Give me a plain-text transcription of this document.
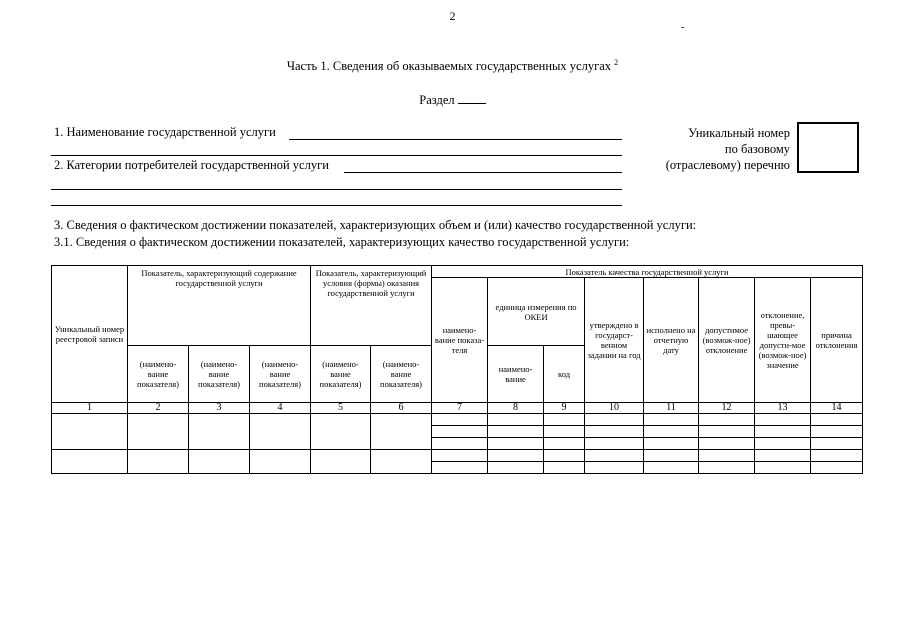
2
-
Часть 1. Сведения об оказываемых государственных услугах $^2$
Раздел
1. Наименование государственной услуги
2. Категории потребителей государственной услуги
Уникальный номер
по базовому
(отраслевому) перечню
3. Сведения о фактическом достижении показателей, характеризующих объем и (или) качество государственной услуги:
3.1. Сведения о фактическом достижении показателей, характеризующих качество государственной услуги:
Уникальный номер реестровой записи	Показатель, характеризующий содержание государственной услуги			Показатель, характеризующий условия (формы) оказания государственной услуги		Показатель качества государственной услуги							
						наимено-вание показа-теля	единица измерения по ОКЕИ		утверждено в государст-венном задании на год	исполнено на отчетную дату	допустимое (возмож-ное) отклонение	отклонение, превы-шающее допусти-мое (возмож-ное) значение	причина отклонения
	(наимено-вание показателя)	(наимено-вание показателя)	(наимено-вание показателя)	(наимено-вание показателя)	(наимено-вание показателя)		наимено-вание	код					
1	2	3	4	5	6	7	8	9	10	11	12	13	14
